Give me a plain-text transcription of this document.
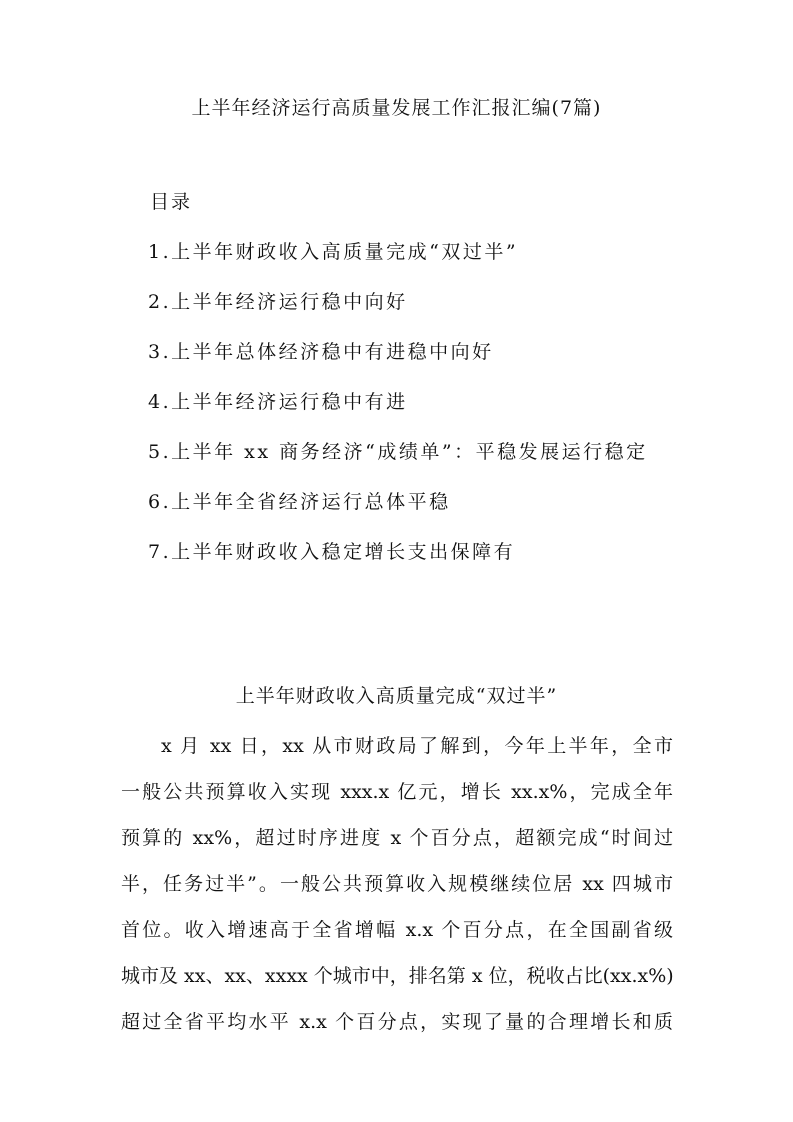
上半年经济运行高质量发展工作汇报汇编(7篇)
目录
1.上半年财政收入高质量完成“双过半”
2.上半年经济运行稳中向好
3.上半年总体经济稳中有进稳中向好
4.上半年经济运行稳中有进
5.上半年 xx 商务经济“成绩单”：平稳发展运行稳定
6.上半年全省经济运行总体平稳
7.上半年财政收入稳定增长支出保障有
上半年财政收入高质量完成“双过半”
x 月 xx 日，xx 从市财政局了解到，今年上半年，全市
一般公共预算收入实现 xxx.x 亿元，增长 xx.x%，完成全年
预算的 xx%，超过时序进度 x 个百分点，超额完成“时间过
半，任务过半”。一般公共预算收入规模继续位居 xx 四城市
首位。收入增速高于全省增幅 x.x 个百分点，在全国副省级
城市及 xx、xx、xxxx 个城市中，排名第 x 位，税收占比(xx.x%)
超过全省平均水平 x.x 个百分点，实现了量的合理增长和质
